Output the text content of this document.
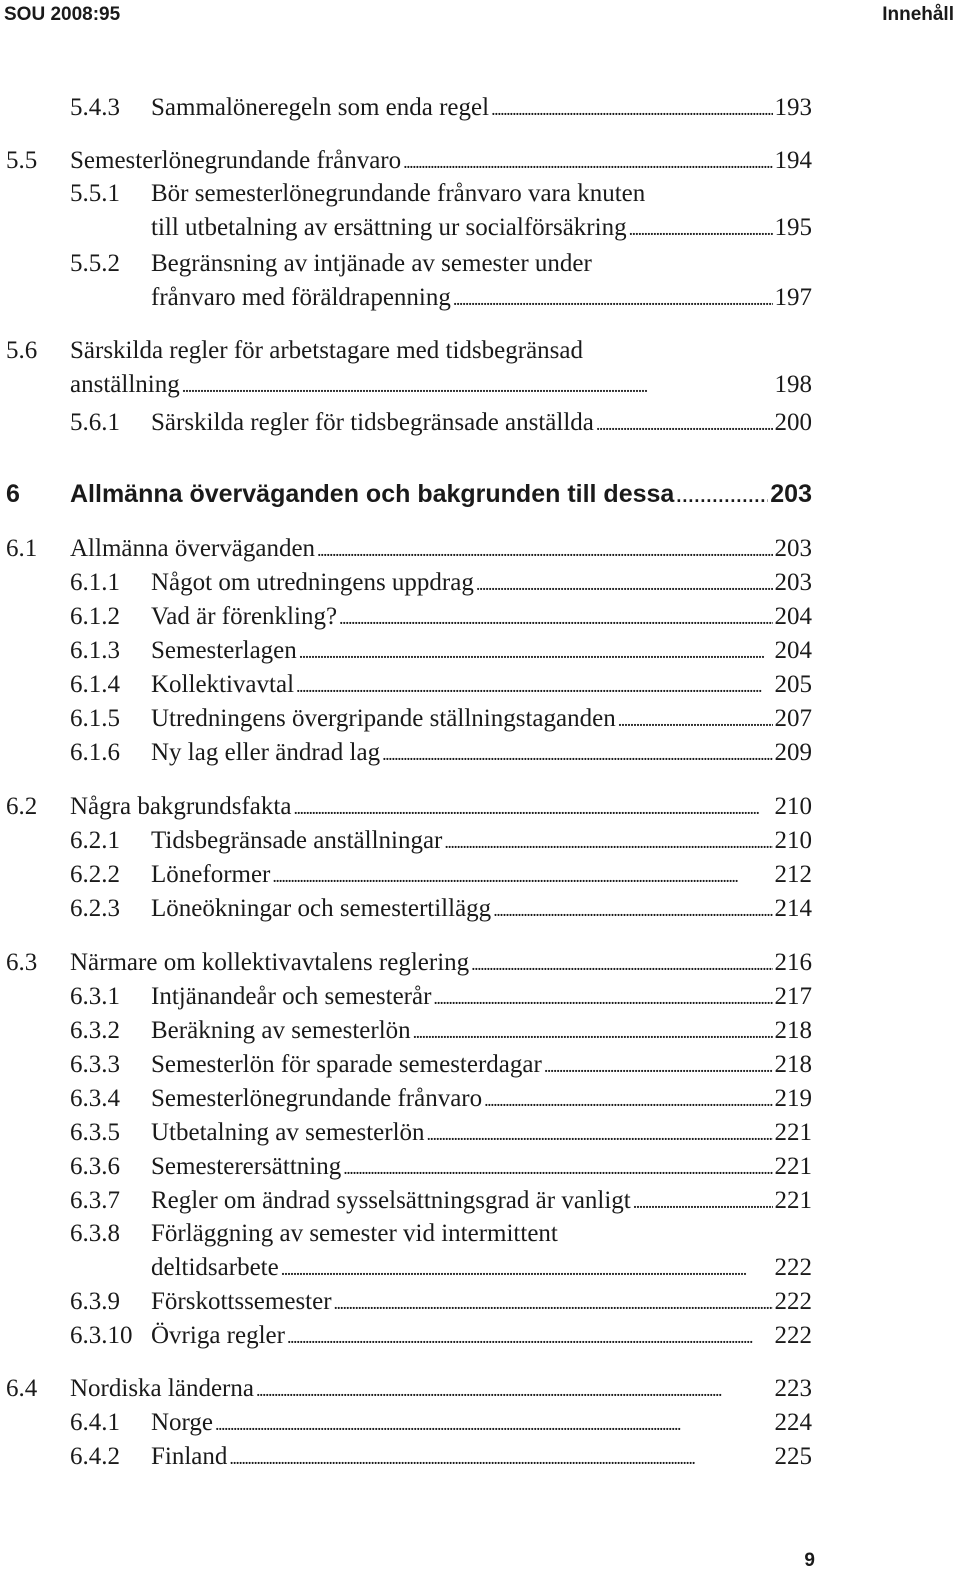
SOU 2008:95	Innehåll
5.4.3 Sammalöneregeln som enda regel . . .	193
5.5 Semesterlönegrundande frånvaro . . .	194
5.5.1 Bör semesterlönegrundande frånvaro vara knuten
till utbetalning av ersättning ur socialförsäkring . . .	195
5.5.2 Begränsning av intjänade av semester under
frånvaro med föräldrapenning . . .	197
5.6 Särskilda regler för arbetstagare med tidsbegränsad
anställning . . .	198
5.6.1 Särskilda regler för tidsbegränsade anställda . . .	200
6 Allmänna överväganden och bakgrunden till dessa . . .	203
6.1 Allmänna överväganden . . .	203
6.1.1 Något om utredningens uppdrag . . .	203
6.1.2 Vad är förenkling? . . .	204
6.1.3 Semesterlagen . . .	204
6.1.4 Kollektivavtal . . .	205
6.1.5 Utredningens övergripande ställningstaganden . . .	207
6.1.6 Ny lag eller ändrad lag . . .	209
6.2 Några bakgrundsfakta . . .	210
6.2.1 Tidsbegränsade anställningar . . .	210
6.2.2 Löneformer . . .	212
6.2.3 Löneökningar och semestertillägg . . .	214
6.3 Närmare om kollektivavtalens reglering . . .	216
6.3.1 Intjänandeår och semesterår . . .	217
6.3.2 Beräkning av semesterlön . . .	218
6.3.3 Semesterlön för sparade semesterdagar . . .	218
6.3.4 Semesterlönegrundande frånvaro . . .	219
6.3.5 Utbetalning av semesterlön . . .	221
6.3.6 Semesterersättning . . .	221
6.3.7 Regler om ändrad sysselsättningsgrad är vanligt . . .	221
6.3.8 Förläggning av semester vid intermittent
deltidsarbete . . .	222
6.3.9 Förskottssemester . . .	222
6.3.10 Övriga regler . . .	222
6.4 Nordiska länderna . . .	223
6.4.1 Norge . . .	224
6.4.2 Finland . . .	225
9
